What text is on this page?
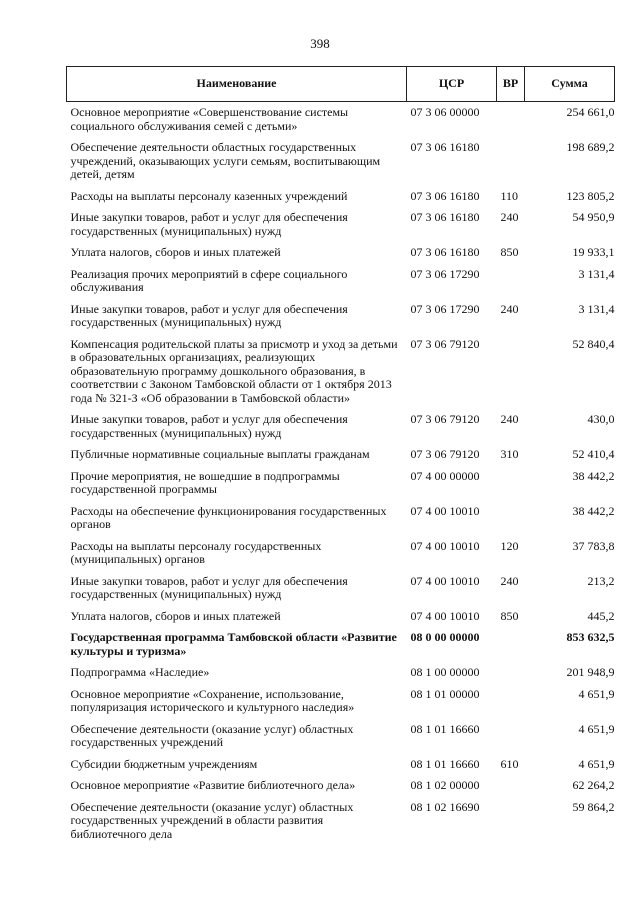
398
Наименование	ЦСР	ВР	Сумма
Основное мероприятие «Совершенствование системы социального обслуживания семей с детьми»	07 3 06 00000		254 661,0
Обеспечение деятельности областных государственных учреждений, оказывающих услуги семьям, воспитывающим детей, детям	07 3 06 16180		198 689,2
Расходы на выплаты персоналу казенных учреждений	07 3 06 16180	110	123 805,2
Иные закупки товаров, работ и услуг для обеспечения государственных (муниципальных) нужд	07 3 06 16180	240	54 950,9
Уплата налогов, сборов и иных платежей	07 3 06 16180	850	19 933,1
Реализация прочих мероприятий в сфере социального обслуживания	07 3 06 17290		3 131,4
Иные закупки товаров, работ и услуг для обеспечения государственных (муниципальных) нужд	07 3 06 17290	240	3 131,4
Компенсация родительской платы за присмотр и уход за детьми в образовательных организациях, реализующих образовательную программу дошкольного образования, в соответствии с Законом Тамбовской области от 1 октября 2013 года № 321-З «Об образовании в Тамбовской области»	07 3 06 79120		52 840,4
Иные закупки товаров, работ и услуг для обеспечения государственных (муниципальных) нужд	07 3 06 79120	240	430,0
Публичные нормативные социальные выплаты гражданам	07 3 06 79120	310	52 410,4
Прочие мероприятия, не вошедшие в подпрограммы государственной программы	07 4 00 00000		38 442,2
Расходы на обеспечение функционирования государственных органов	07 4 00 10010		38 442,2
Расходы на выплаты персоналу государственных (муниципальных) органов	07 4 00 10010	120	37 783,8
Иные закупки товаров, работ и услуг для обеспечения государственных (муниципальных) нужд	07 4 00 10010	240	213,2
Уплата налогов, сборов и иных платежей	07 4 00 10010	850	445,2
Государственная программа Тамбовской области «Развитие культуры и туризма»	08 0 00 00000		853 632,5
Подпрограмма «Наследие»	08 1 00 00000		201 948,9
Основное мероприятие «Сохранение, использование, популяризация исторического и культурного наследия»	08 1 01 00000		4 651,9
Обеспечение деятельности (оказание услуг) областных государственных учреждений	08 1 01 16660		4 651,9
Субсидии бюджетным учреждениям	08 1 01 16660	610	4 651,9
Основное мероприятие «Развитие библиотечного дела»	08 1 02 00000		62 264,2
Обеспечение деятельности (оказание услуг) областных государственных учреждений в области развития библиотечного дела	08 1 02 16690		59 864,2
